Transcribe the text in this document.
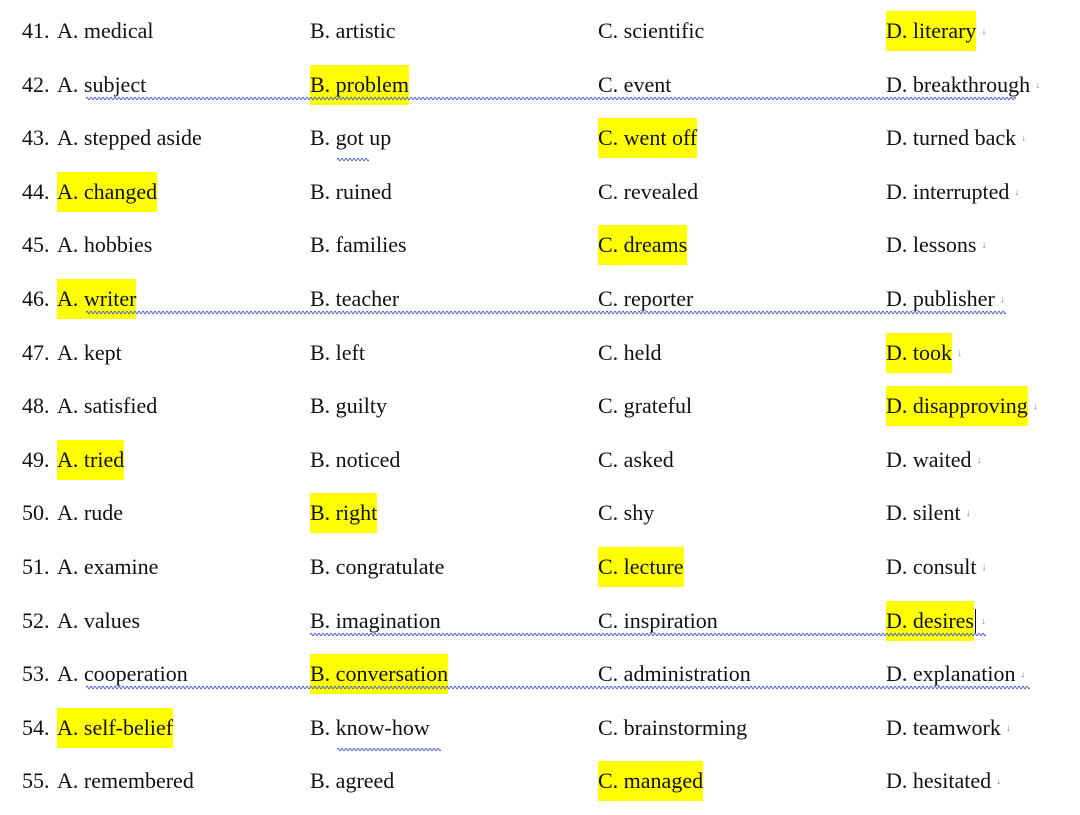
41. A. medical	B. artistic	C. scientific	D. literary ↓
42. A. subject	B. problem	C. event	D. breakthrough ↓
43. A. stepped aside	B. got up	C. went off	D. turned back ↓
44. A. changed	B. ruined	C. revealed	D. interrupted ↓
45. A. hobbies	B. families	C. dreams	D. lessons ↓
46. A. writer	B. teacher	C. reporter	D. publisher ↓
47. A. kept	B. left	C. held	D. took ↓
48. A. satisfied	B. guilty	C. grateful	D. disapproving ↓
49. A. tried	B. noticed	C. asked	D. waited ↓
50. A. rude	B. right	C. shy	D. silent ↓
51. A. examine	B. congratulate	C. lecture	D. consult ↓
52. A. values	B. imagination	C. inspiration	D. desires ↓
53. A. cooperation	B. conversation	C. administration	D. explanation ↓
54. A. self-belief	B. know-how	C. brainstorming	D. teamwork ↓
55. A. remembered	B. agreed	C. managed	D. hesitated ↓
